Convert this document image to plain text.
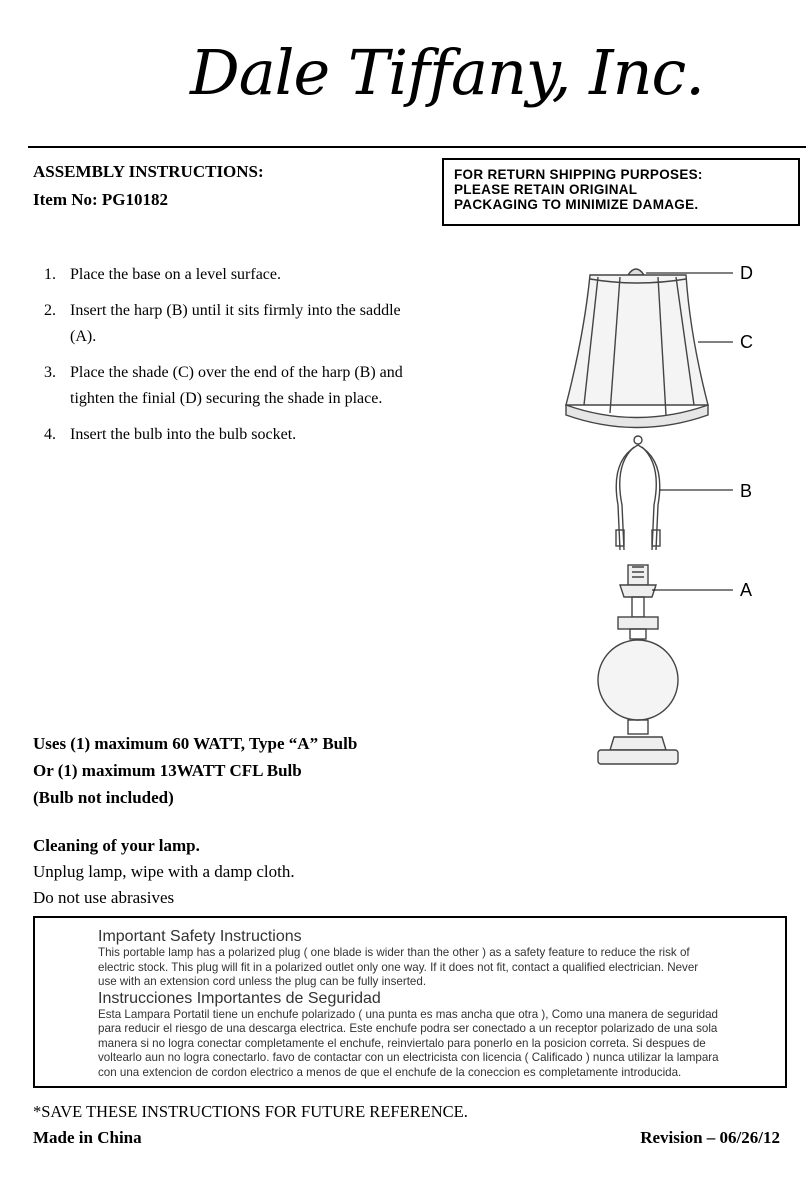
Dale Tiffany, Inc.
ASSEMBLY INSTRUCTIONS:
Item No: PG10182
FOR RETURN SHIPPING PURPOSES:
PLEASE RETAIN ORIGINAL
PACKAGING TO MINIMIZE DAMAGE.
1. Place the base on a level surface.
2. Insert the harp (B) until it sits firmly into the saddle (A).
3. Place the shade (C) over the end of the harp (B) and tighten the finial (D) securing the shade in place.
4. Insert the bulb into the bulb socket.
D
C
B
A
Uses (1) maximum 60 WATT, Type “A” Bulb
Or (1) maximum 13WATT CFL Bulb
(Bulb not included)
Cleaning of your lamp.
Unplug lamp, wipe with a damp cloth.
Do not use abrasives
Important Safety Instructions
This portable lamp has a polarized plug ( one blade is wider than the other ) as a safety feature to reduce the risk of
electric stock. This plug will fit in a polarized outlet only one way. If it does not fit, contact a qualified electrician. Never
use with an extension cord unless the plug can be fully inserted.
Instrucciones Importantes de Seguridad
Esta Lampara Portatil tiene un enchufe polarizado ( una punta es mas ancha que otra ), Como una manera de seguridad
para reducir el riesgo de una descarga electrica. Este enchufe podra ser conectado a un receptor polarizado de una sola
manera si no logra conectar completamente el enchufe, reinviertalo para ponerlo en la posicion correta. Si despues de
voltearlo aun no logra conectarlo. favo de contactar con un electricista con licencia ( Calificado ) nunca utilizar la lampara
con una extencion de cordon electrico a menos de que el enchufe de la coneccion es completamente introducida.
*SAVE THESE INSTRUCTIONS FOR FUTURE REFERENCE.
Made in China	Revision – 06/26/12
